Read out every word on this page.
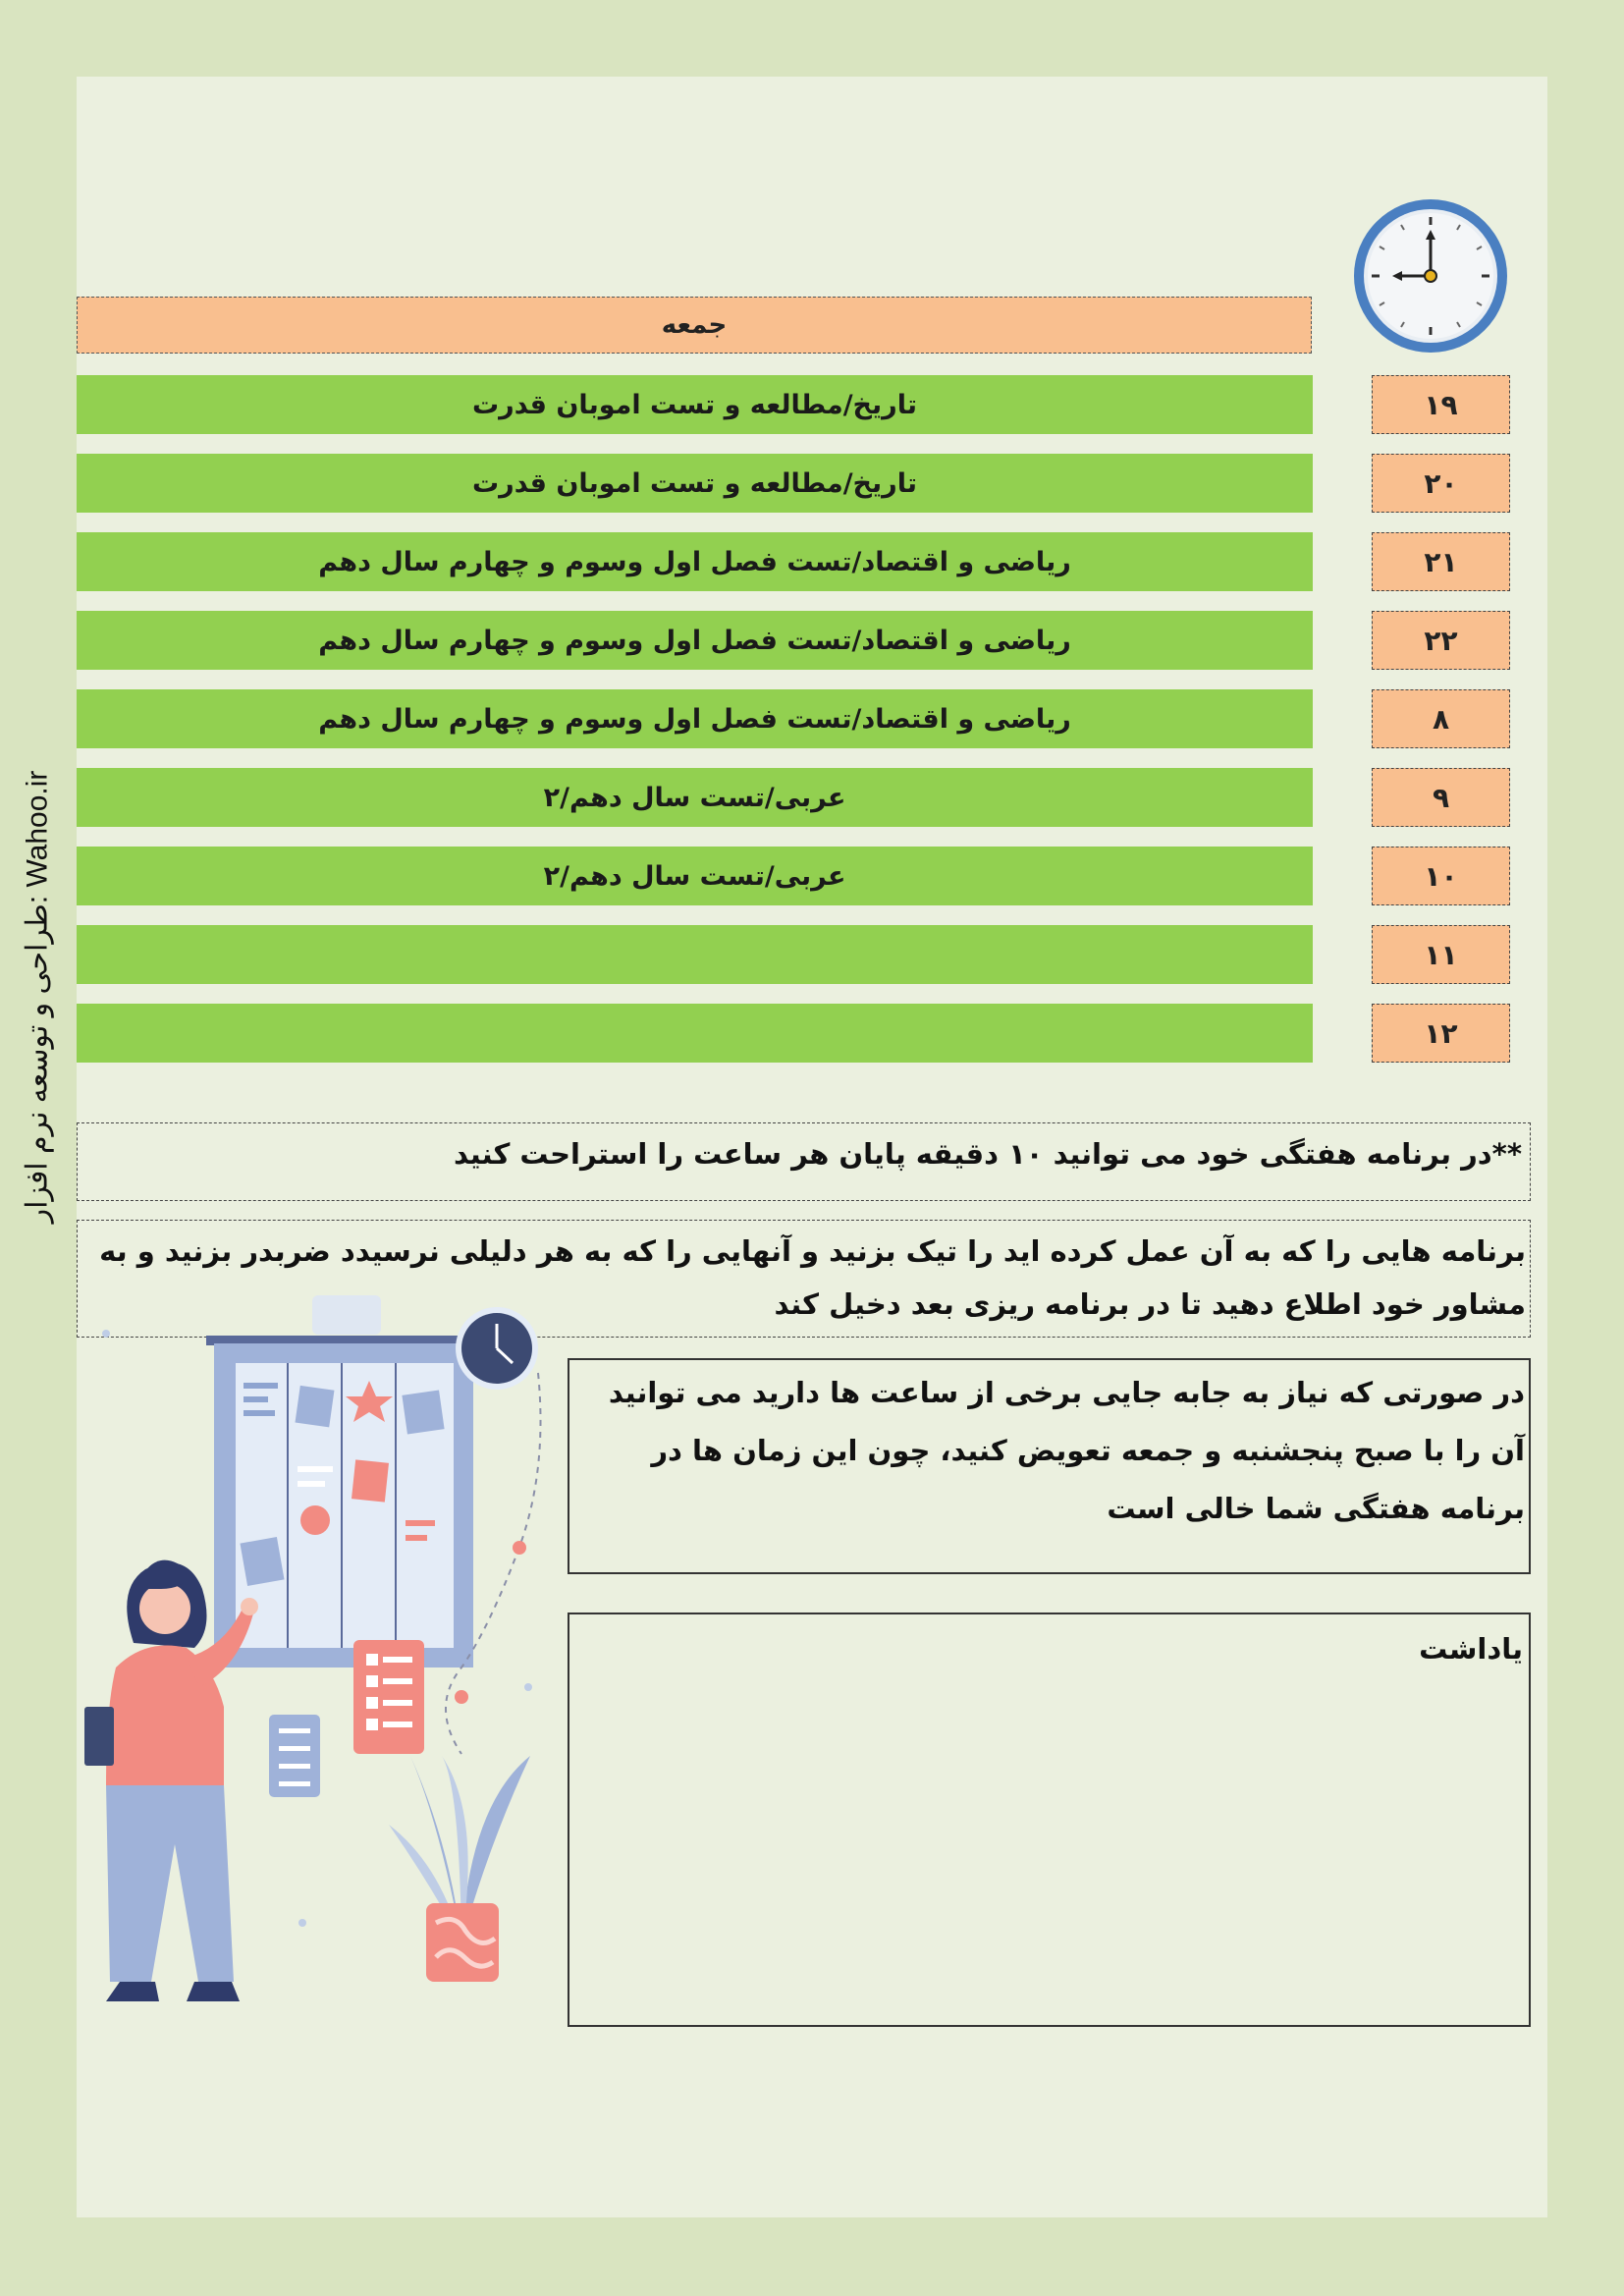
طراحی و توسعه نرم افزار: Wahoo.ir
جمعه
تاریخ/مطالعه و تست اموبان قدرت	۱۹
تاریخ/مطالعه و تست اموبان قدرت	۲۰
ریاضی و اقتصاد/تست فصل اول وسوم و چهارم سال دهم	۲۱
ریاضی و اقتصاد/تست فصل اول وسوم و چهارم سال دهم	۲۲
ریاضی و اقتصاد/تست فصل اول وسوم و چهارم سال دهم	۸
عربی/تست سال دهم/۲	۹
عربی/تست سال دهم/۲	۱۰
۱۱
۱۲
**در برنامه هفتگی خود می توانید ۱۰ دقیقه پایان هر ساعت را استراحت کنید
برنامه هایی را که به آن عمل کرده اید را تیک بزنید و آنهایی را که به هر دلیلی نرسیدد ضربدر بزنید و به مشاور خود اطلاع دهید تا در برنامه ریزی بعد دخیل کند
در صورتی که نیاز به جابه جایی برخی از ساعت ها دارید می توانید آن را با صبح پنجشنبه و جمعه تعویض کنید، چون این زمان ها در برنامه هفتگی شما خالی است
یاداشت
